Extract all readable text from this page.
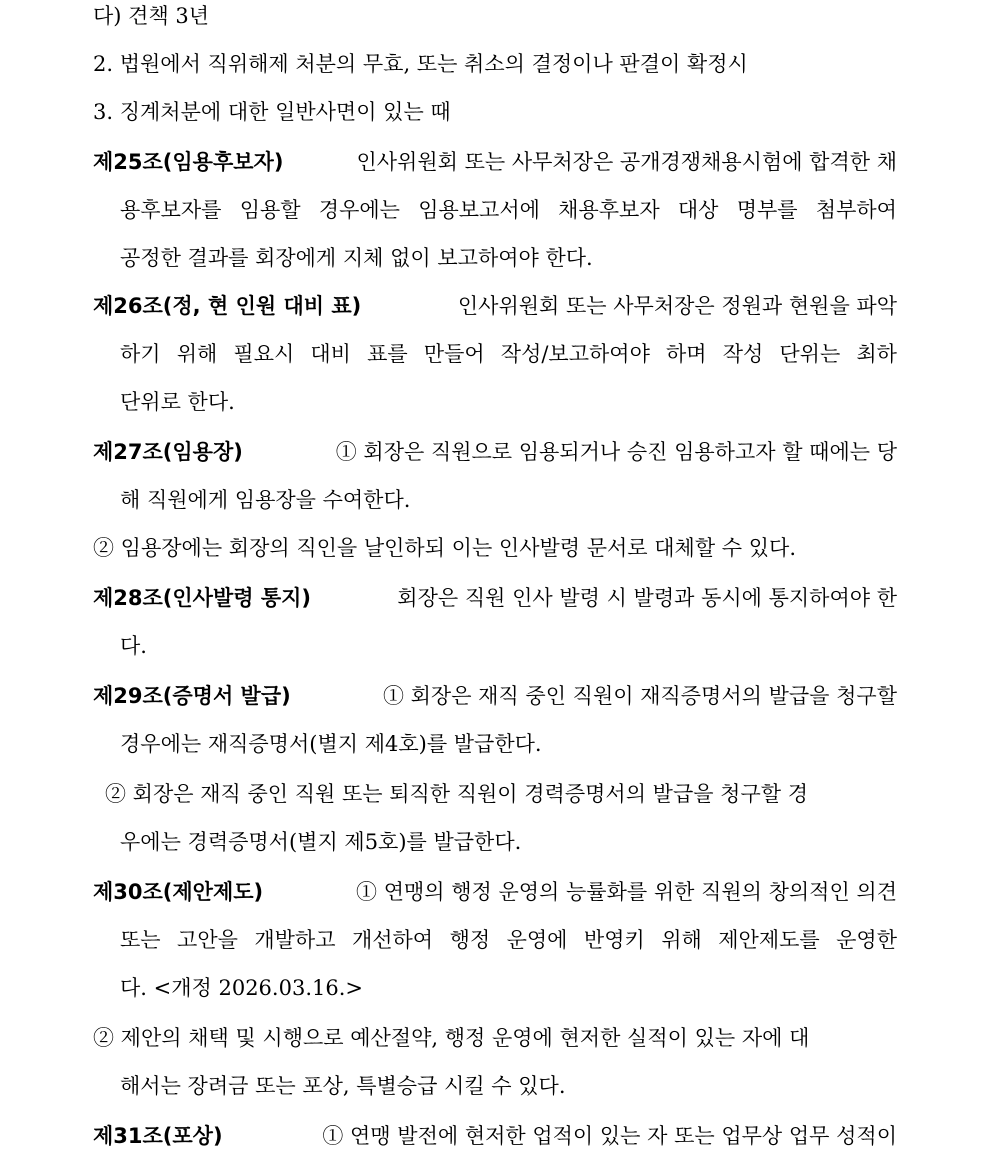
다) 견책 3년
2. 법원에서 직위해제 처분의 무효, 또는 취소의 결정이나 판결이 확정시
3. 징계처분에 대한 일반사면이 있는 때
제25조(임용후보자)	인사위원회 또는 사무처장은 공개경쟁채용시험에 합격한 채
용후보자를 임용할 경우에는 임용보고서에 채용후보자 대상 명부를 첨부하여
공정한 결과를 회장에게 지체 없이 보고하여야 한다.
제26조(정, 현 인원 대비 표)	인사위원회 또는 사무처장은 정원과 현원을 파악
하기 위해 필요시 대비 표를 만들어 작성/보고하여야 하며 작성 단위는 최하
단위로 한다.
제27조(임용장)	① 회장은 직원으로 임용되거나 승진 임용하고자 할 때에는 당
해 직원에게 임용장을 수여한다.
② 임용장에는 회장의 직인을 날인하되 이는 인사발령 문서로 대체할 수 있다.
제28조(인사발령 통지)	회장은 직원 인사 발령 시 발령과 동시에 통지하여야 한
다.
제29조(증명서 발급)	① 회장은 재직 중인 직원이 재직증명서의 발급을 청구할
경우에는 재직증명서(별지 제4호)를 발급한다.
② 회장은 재직 중인 직원 또는 퇴직한 직원이 경력증명서의 발급을 청구할 경
우에는 경력증명서(별지 제5호)를 발급한다.
제30조(제안제도)	① 연맹의 행정 운영의 능률화를 위한 직원의 창의적인 의견
또는 고안을 개발하고 개선하여 행정 운영에 반영키 위해 제안제도를 운영한
다. <개정 2026.03.16.>
② 제안의 채택 및 시행으로 예산절약, 행정 운영에 현저한 실적이 있는 자에 대
해서는 장려금 또는 포상, 특별승급 시킬 수 있다.
제31조(포상)	① 연맹 발전에 현저한 업적이 있는 자 또는 업무상 업무 성적이
